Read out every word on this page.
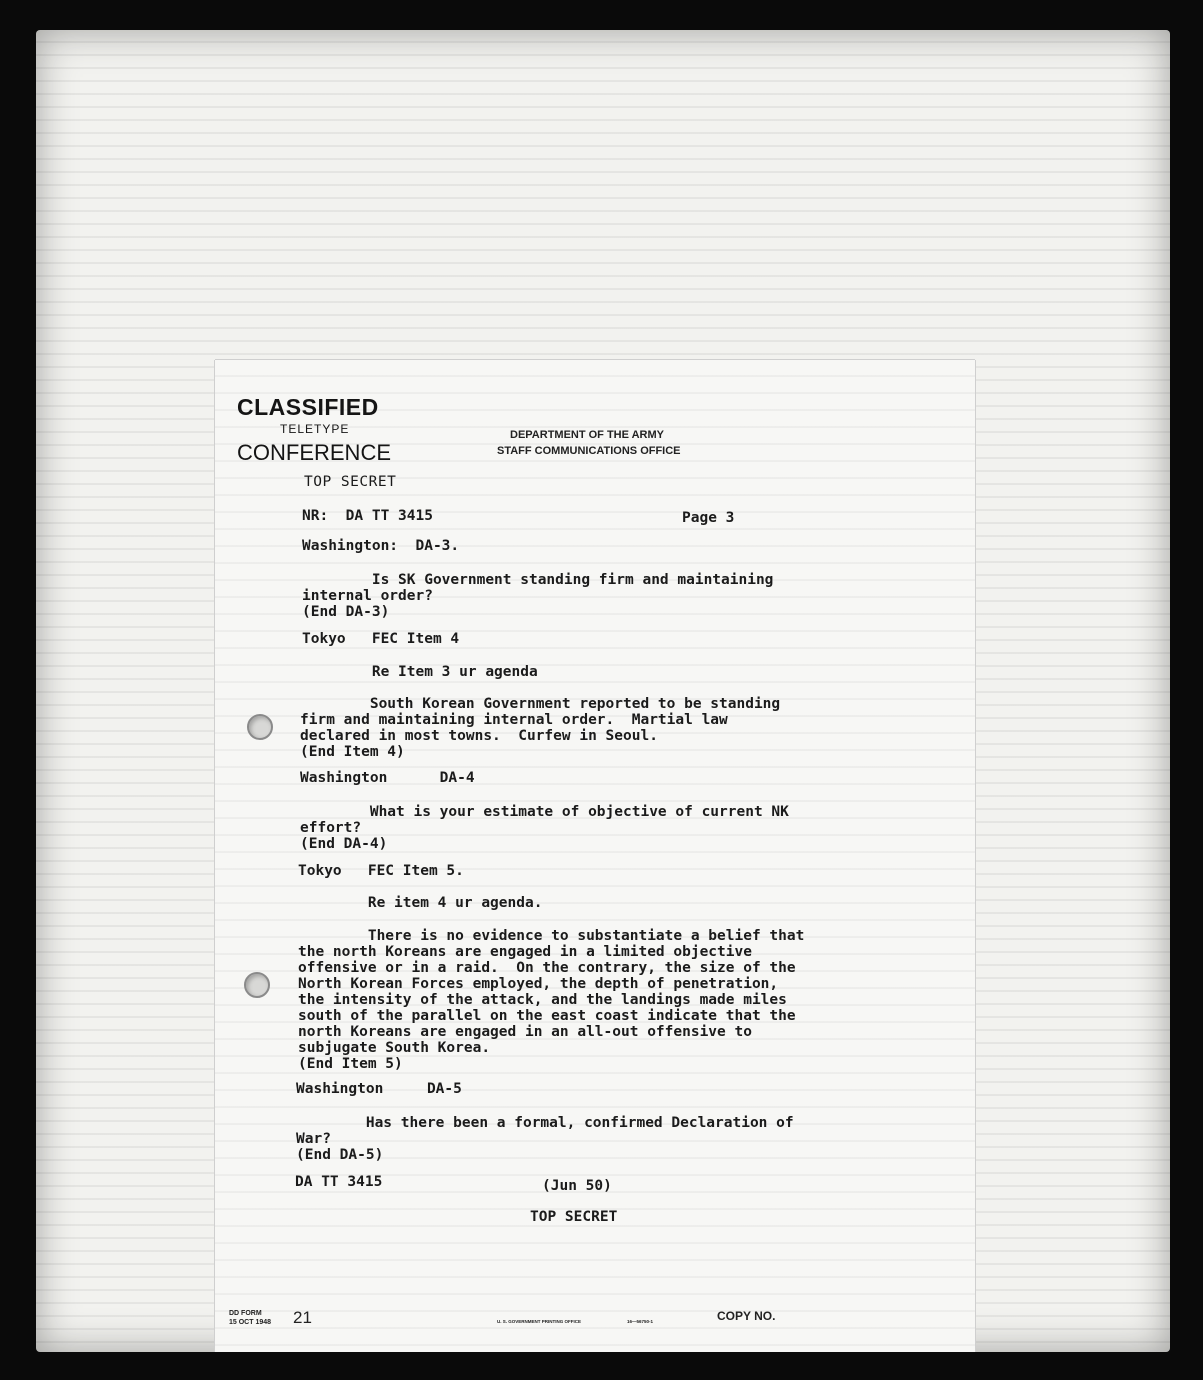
CLASSIFIED
TELETYPE
CONFERENCE
DEPARTMENT OF THE ARMY
STAFF COMMUNICATIONS OFFICE
TOP SECRET
NR:  DA TT 3415	Page 3
Washington:  DA-3.
Is SK Government standing firm and maintaining
internal order?
(End DA-3)
Tokyo   FEC Item 4
Re Item 3 ur agenda
South Korean Government reported to be standing
firm and maintaining internal order.  Martial law
declared in most towns.  Curfew in Seoul.
(End Item 4)
Washington      DA-4
What is your estimate of objective of current NK
effort?
(End DA-4)
Tokyo   FEC Item 5.
Re item 4 ur agenda.
There is no evidence to substantiate a belief that
the north Koreans are engaged in a limited objective
offensive or in a raid.  On the contrary, the size of the
North Korean Forces employed, the depth of penetration,
the intensity of the attack, and the landings made miles
south of the parallel on the east coast indicate that the
north Koreans are engaged in an all-out offensive to
subjugate South Korea.
(End Item 5)
Washington     DA-5
Has there been a formal, confirmed Declaration of
War?
(End DA-5)
DA TT 3415	(Jun 50)
TOP SECRET
DD FORM
15 OCT 1948 21	U. S. GOVERNMENT PRINTING OFFICE	16—56750-1	COPY NO.
